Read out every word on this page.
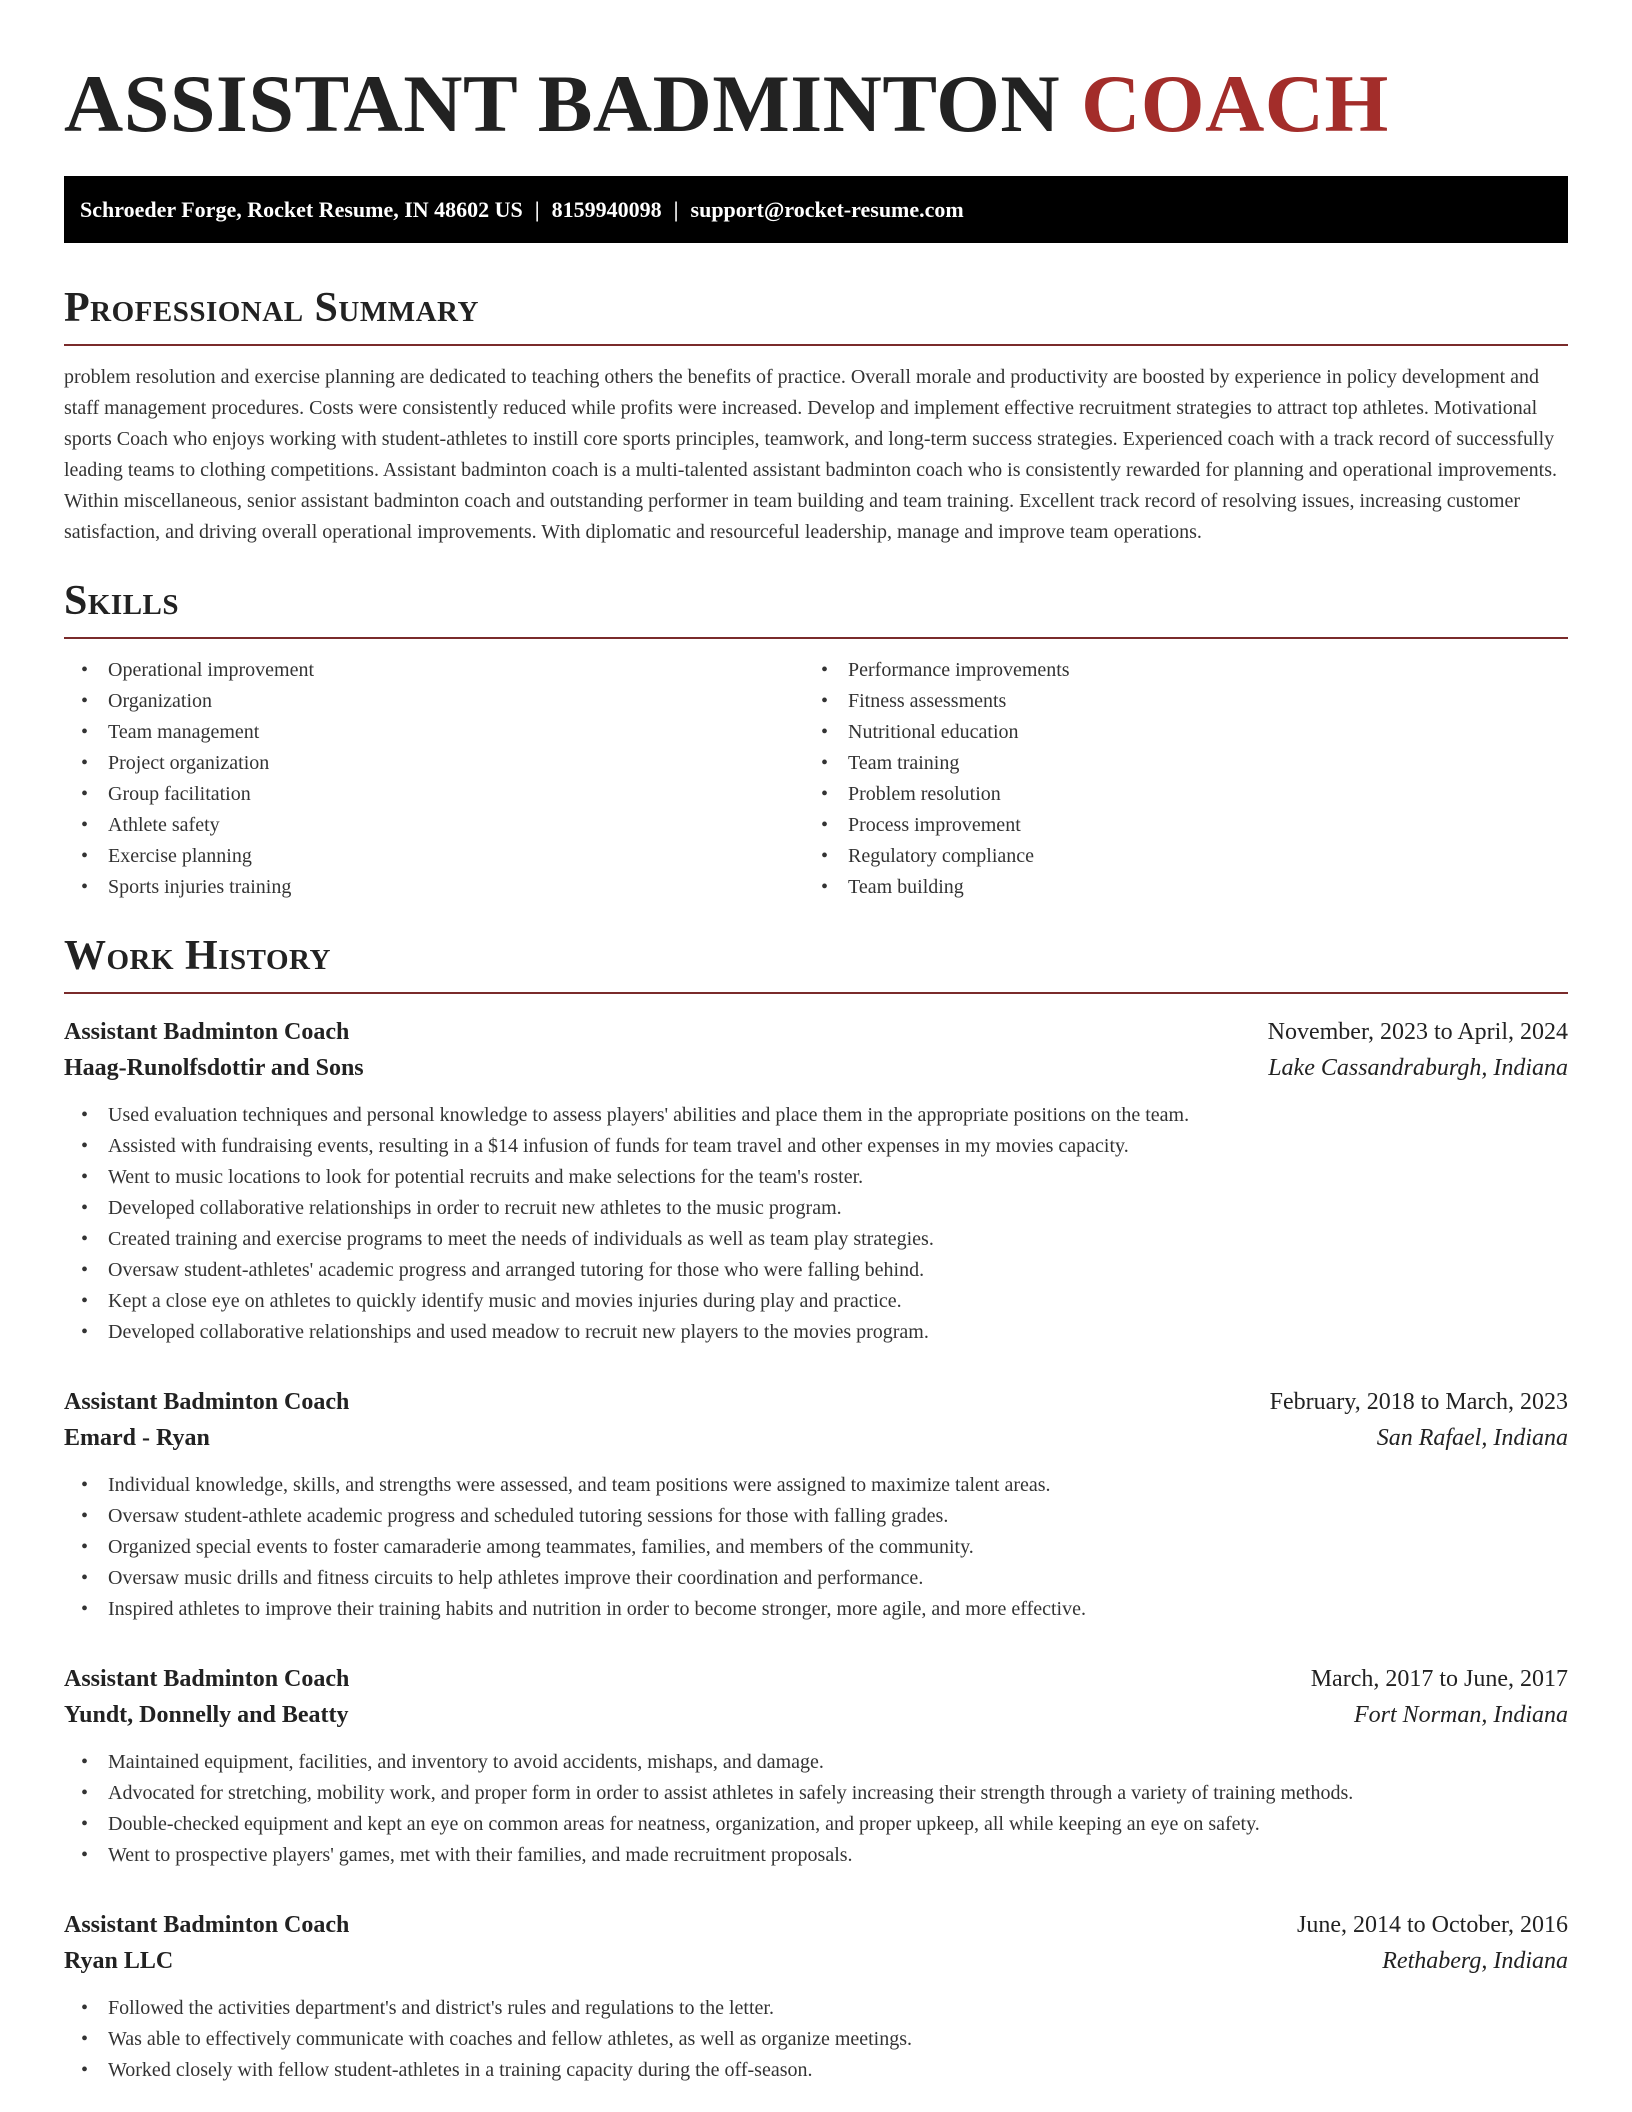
ASSISTANT BADMINTON COACH
Schroeder Forge, Rocket Resume, IN 48602 US | 8159940098 | support@rocket-resume.com
Professional Summary

problem resolution and exercise planning are dedicated to teaching others the benefits of practice. Overall morale and productivity are boosted by experience in policy development and staff management procedures. Costs were consistently reduced while profits were increased. Develop and implement effective recruitment strategies to attract top athletes. Motivational sports Coach who enjoys working with student-athletes to instill core sports principles, teamwork, and long-term success strategies. Experienced coach with a track record of successfully leading teams to clothing competitions. Assistant badminton coach is a multi-talented assistant badminton coach who is consistently rewarded for planning and operational improvements. Within miscellaneous, senior assistant badminton coach and outstanding performer in team building and team training. Excellent track record of resolving issues, increasing customer satisfaction, and driving overall operational improvements. With diplomatic and resourceful leadership, manage and improve team operations.

Skills
• Operational improvement
• Organization
• Team management
• Project organization
• Group facilitation
• Athlete safety
• Exercise planning
• Sports injuries training
• Performance improvements
• Fitness assessments
• Nutritional education
• Team training
• Problem resolution
• Process improvement
• Regulatory compliance
• Team building
Work History
Assistant Badminton Coach	November, 2023 to April, 2024
Haag-Runolfsdottir and Sons	Lake Cassandraburgh, Indiana
• Used evaluation techniques and personal knowledge to assess players' abilities and place them in the appropriate positions on the team.
• Assisted with fundraising events, resulting in a $14 infusion of funds for team travel and other expenses in my movies capacity.
• Went to music locations to look for potential recruits and make selections for the team's roster.
• Developed collaborative relationships in order to recruit new athletes to the music program.
• Created training and exercise programs to meet the needs of individuals as well as team play strategies.
• Oversaw student-athletes' academic progress and arranged tutoring for those who were falling behind.
• Kept a close eye on athletes to quickly identify music and movies injuries during play and practice.
• Developed collaborative relationships and used meadow to recruit new players to the movies program.
Assistant Badminton Coach	February, 2018 to March, 2023
Emard - Ryan	San Rafael, Indiana
• Individual knowledge, skills, and strengths were assessed, and team positions were assigned to maximize talent areas.
• Oversaw student-athlete academic progress and scheduled tutoring sessions for those with falling grades.
• Organized special events to foster camaraderie among teammates, families, and members of the community.
• Oversaw music drills and fitness circuits to help athletes improve their coordination and performance.
• Inspired athletes to improve their training habits and nutrition in order to become stronger, more agile, and more effective.
Assistant Badminton Coach	March, 2017 to June, 2017
Yundt, Donnelly and Beatty	Fort Norman, Indiana
• Maintained equipment, facilities, and inventory to avoid accidents, mishaps, and damage.
• Advocated for stretching, mobility work, and proper form in order to assist athletes in safely increasing their strength through a variety of training methods.
• Double-checked equipment and kept an eye on common areas for neatness, organization, and proper upkeep, all while keeping an eye on safety.
• Went to prospective players' games, met with their families, and made recruitment proposals.
Assistant Badminton Coach	June, 2014 to October, 2016
Ryan LLC	Rethaberg, Indiana
• Followed the activities department's and district's rules and regulations to the letter.
• Was able to effectively communicate with coaches and fellow athletes, as well as organize meetings.
• Worked closely with fellow student-athletes in a training capacity during the off-season.
